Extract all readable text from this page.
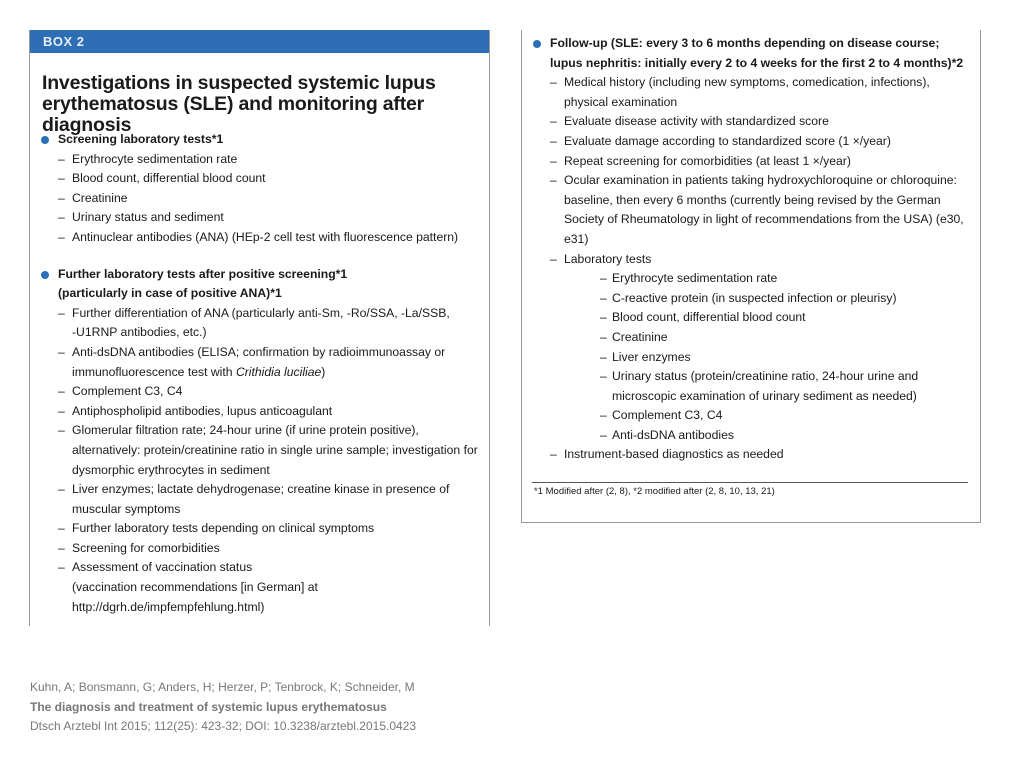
BOX 2
Investigations in suspected systemic lupus
erythematosus (SLE) and monitoring after diagnosis
Screening laboratory tests*1
– Erythrocyte sedimentation rate
– Blood count, differential blood count
– Creatinine
– Urinary status and sediment
– Antinuclear antibodies (ANA) (HEp-2 cell test with fluorescence pattern)
Further laboratory tests after positive screening*1
(particularly in case of positive ANA)*1
– Further differentiation of ANA (particularly anti-Sm, -Ro/SSA, -La/SSB,
-U1RNP antibodies, etc.)
– Anti-dsDNA antibodies (ELISA; confirmation by radioimmunoassay or
immunofluorescence test with Crithidia luciliae)
– Complement C3, C4
– Antiphospholipid antibodies, lupus anticoagulant
– Glomerular filtration rate; 24-hour urine (if urine protein positive),
alternatively: protein/creatinine ratio in single urine sample; investigation for
dysmorphic erythrocytes in sediment
– Liver enzymes; lactate dehydrogenase; creatine kinase in presence of
muscular symptoms
– Further laboratory tests depending on clinical symptoms
– Screening for comorbidities
– Assessment of vaccination status
(vaccination recommendations [in German] at
http://dgrh.de/impfempfehlung.html)
Follow-up (SLE: every 3 to 6 months depending on disease course;
lupus nephritis: initially every 2 to 4 weeks for the first 2 to 4 months)*2
– Medical history (including new symptoms, comedication, infections),
physical examination
– Evaluate disease activity with standardized score
– Evaluate damage according to standardized score (1 ×/year)
– Repeat screening for comorbidities (at least 1 ×/year)
– Ocular examination in patients taking hydroxychloroquine or chloroquine:
baseline, then every 6 months (currently being revised by the German
Society of Rheumatology in light of recommendations from the USA) (e30,
e31)
– Laboratory tests
– Erythrocyte sedimentation rate
– C-reactive protein (in suspected infection or pleurisy)
– Blood count, differential blood count
– Creatinine
– Liver enzymes
– Urinary status (protein/creatinine ratio, 24-hour urine and
microscopic examination of urinary sediment as needed)
– Complement C3, C4
– Anti-dsDNA antibodies
– Instrument-based diagnostics as needed
*1 Modified after (2, 8), *2 modified after (2, 8, 10, 13, 21)
Kuhn, A; Bonsmann, G; Anders, H; Herzer, P; Tenbrock, K; Schneider, M
The diagnosis and treatment of systemic lupus erythematosus
Dtsch Arztebl Int 2015; 112(25): 423-32; DOI: 10.3238/arztebl.2015.0423
